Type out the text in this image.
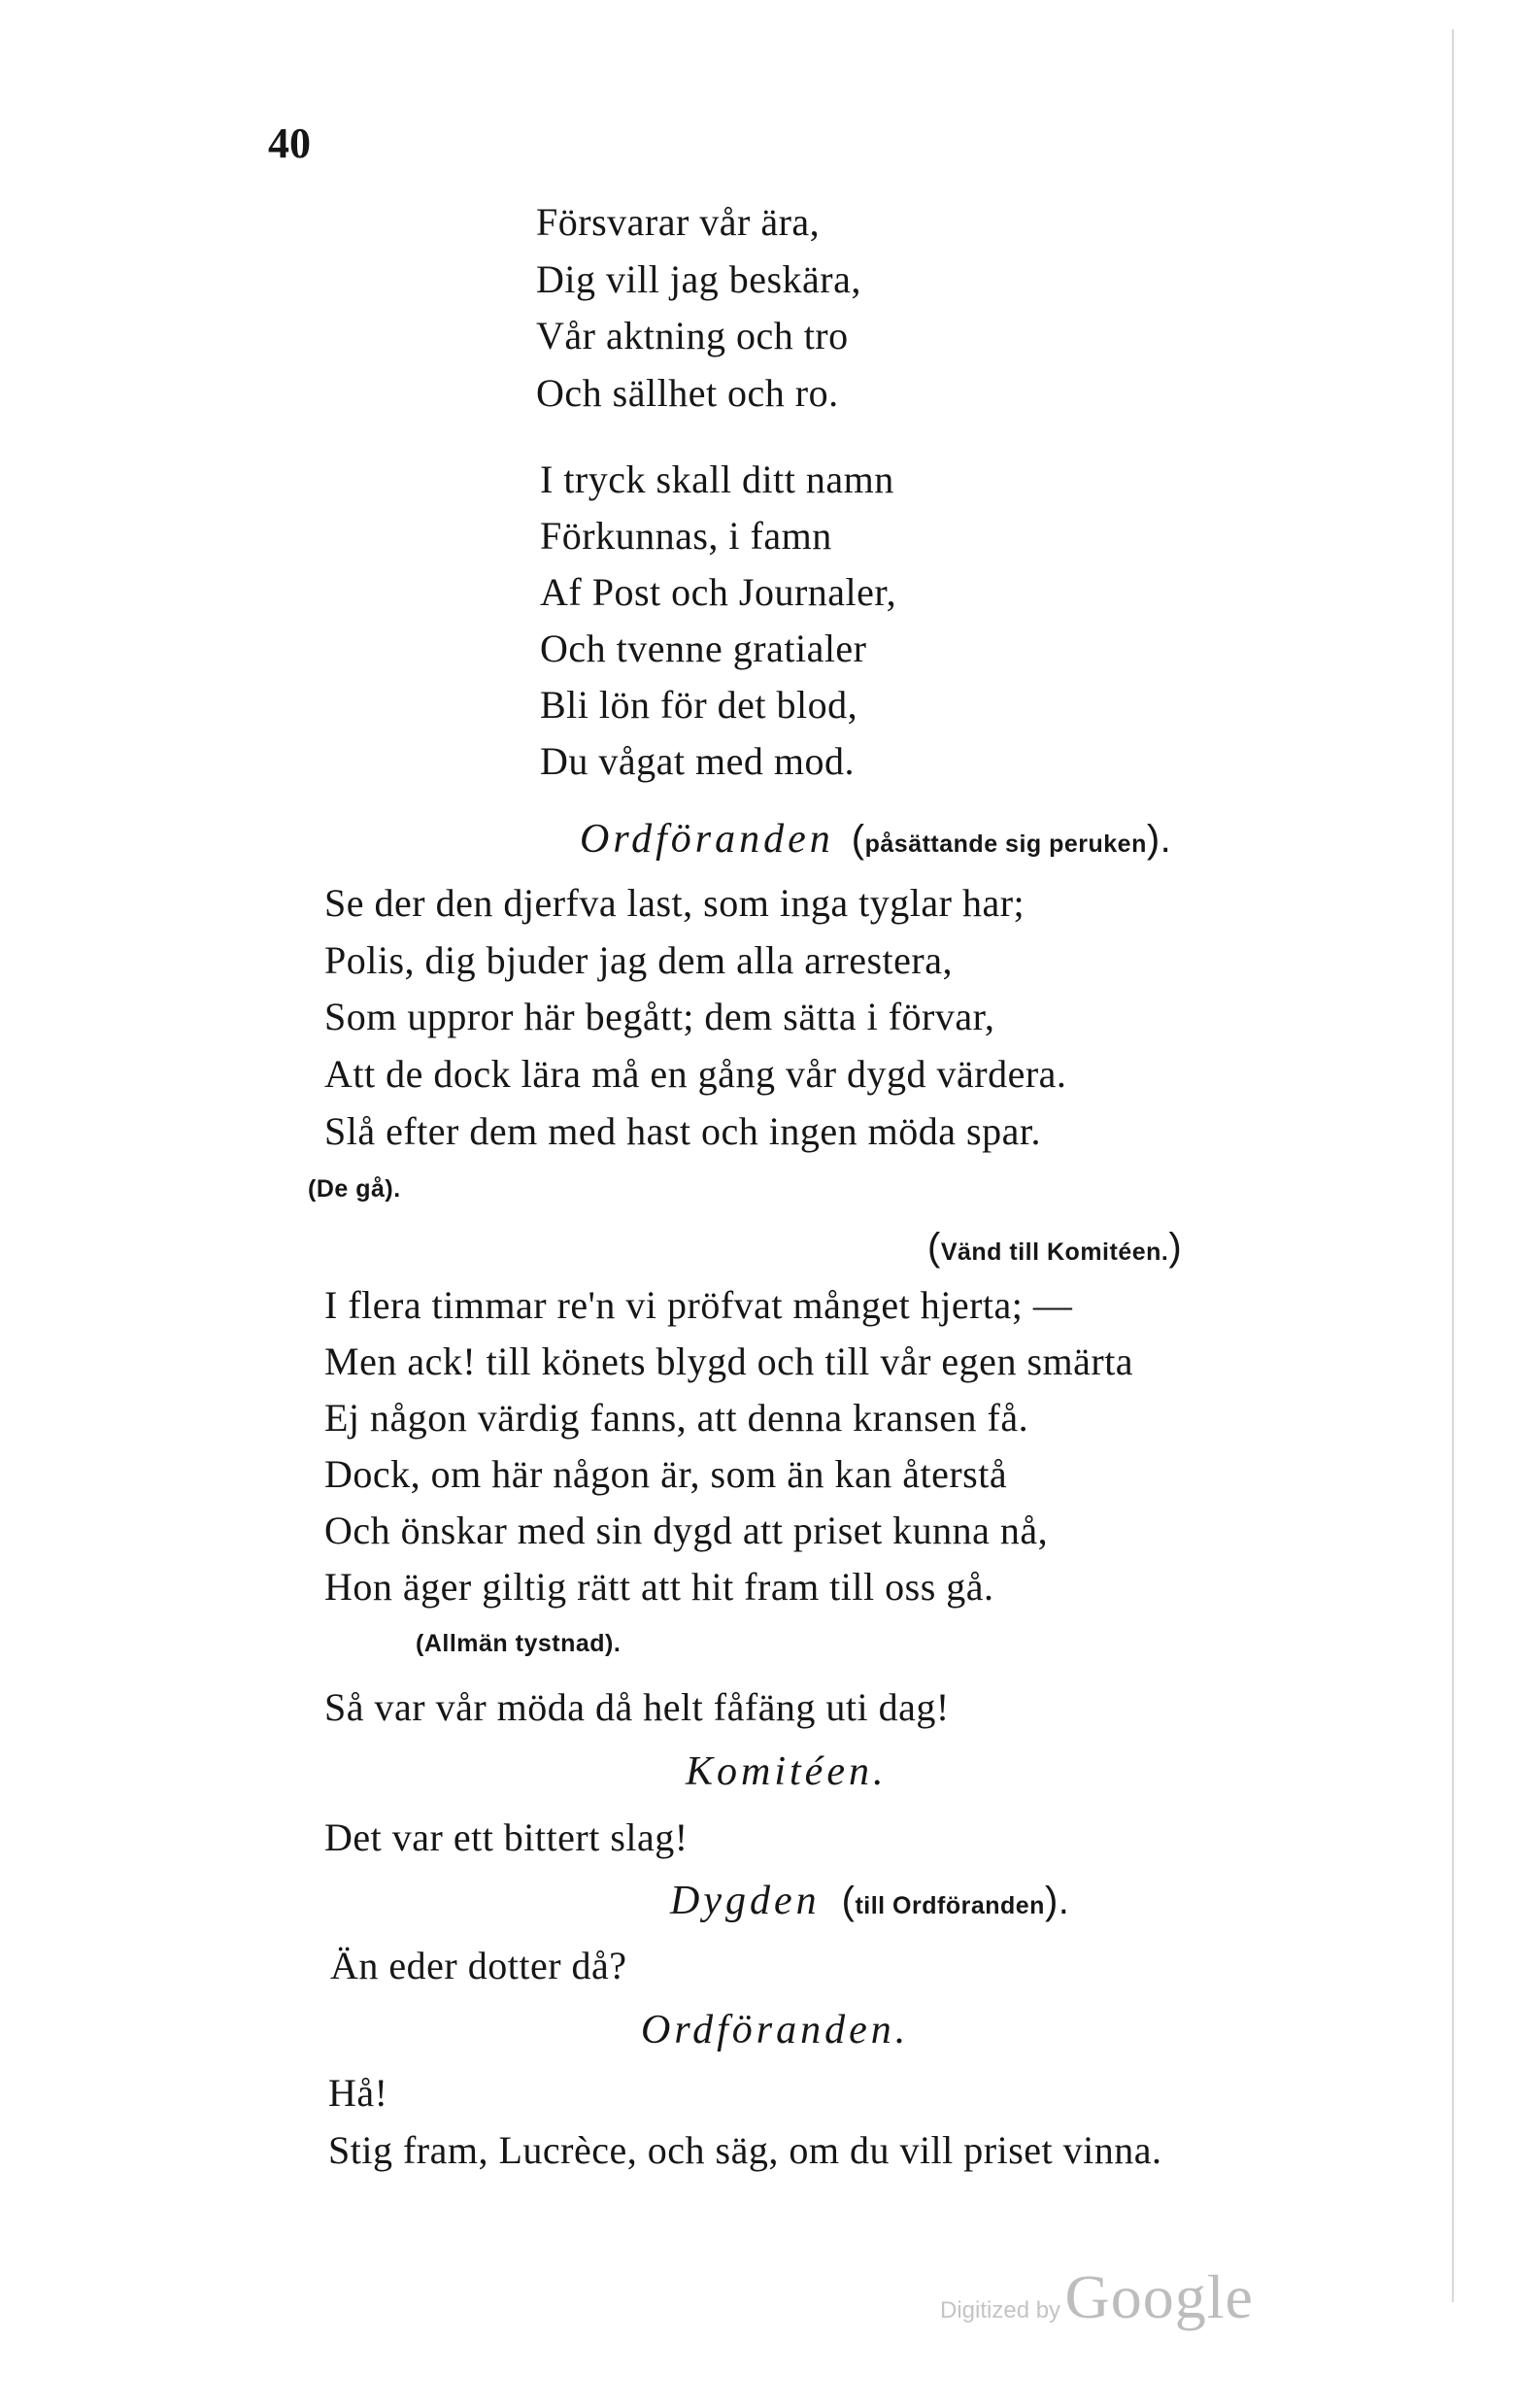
40
Försvarar vår ära,
Dig vill jag beskära,
Vår aktning och tro
Och sällhet och ro.
I tryck skall ditt namn
Förkunnas, i famn
Af Post och Journaler,
Och tvenne gratialer
Bli lön för det blod,
Du vågat med mod.
Ordföranden (påsättande sig peruken).
Se der den djerfva last, som inga tyglar har;
Polis, dig bjuder jag dem alla arrestera,
Som uppror här begått; dem sätta i förvar,
Att de dock lära må en gång vår dygd värdera.
Slå efter dem med hast och ingen möda spar.
(De gå).
(Vänd till Komitéen.)
I flera timmar re'n vi pröfvat månget hjerta; —
Men ack! till könets blygd och till vår egen smärta
Ej någon värdig fanns, att denna kransen få.
Dock, om här någon är, som än kan återstå
Och önskar med sin dygd att priset kunna nå,
Hon äger giltig rätt att hit fram till oss gå.
(Allmän tystnad).
Så var vår möda då helt fåfäng uti dag!
Komitéen.
Det var ett bittert slag!
Dygden (till Ordföranden).
Än eder dotter då?
Ordföranden.
Hå!
Stig fram, Lucrèce, och säg, om du vill priset vinna.
Digitized by Google
